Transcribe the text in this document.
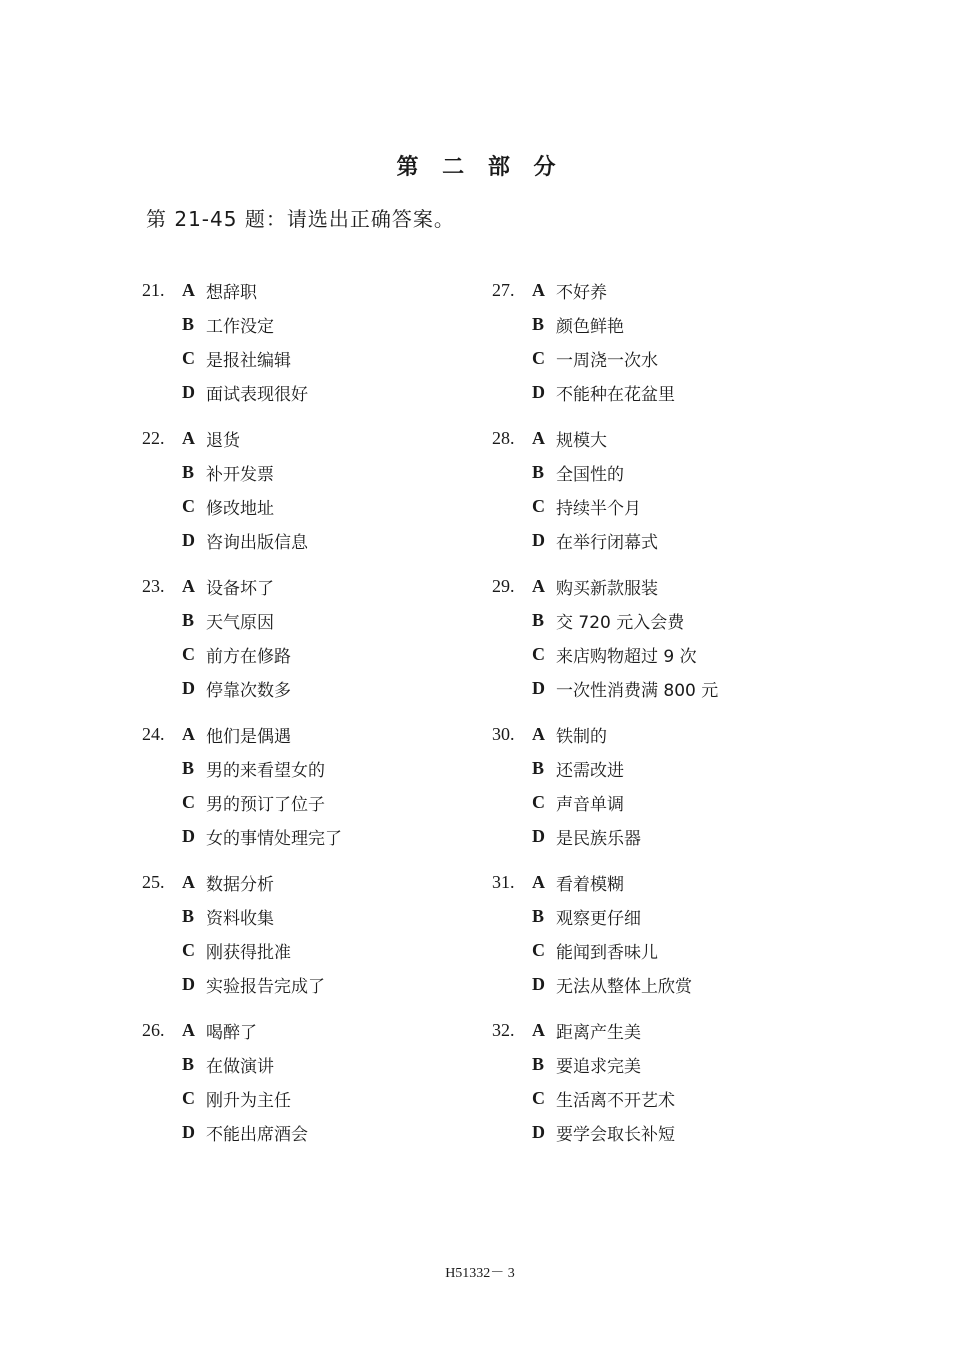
第 二 部 分
第 21-45 题：请选出正确答案。
21. A 想辞职
B 工作没定
C 是报社编辑
D 面试表现很好
22. A 退货
B 补开发票
C 修改地址
D 咨询出版信息
23. A 设备坏了
B 天气原因
C 前方在修路
D 停靠次数多
24. A 他们是偶遇
B 男的来看望女的
C 男的预订了位子
D 女的事情处理完了
25. A 数据分析
B 资料收集
C 刚获得批准
D 实验报告完成了
26. A 喝醉了
B 在做演讲
C 刚升为主任
D 不能出席酒会
27. A 不好养
B 颜色鲜艳
C 一周浇一次水
D 不能种在花盆里
28. A 规模大
B 全国性的
C 持续半个月
D 在举行闭幕式
29. A 购买新款服装
B 交 720 元入会费
C 来店购物超过 9 次
D 一次性消费满 800 元
30. A 铁制的
B 还需改进
C 声音单调
D 是民族乐器
31. A 看着模糊
B 观察更仔细
C 能闻到香味儿
D 无法从整体上欣赏
32. A 距离产生美
B 要追求完美
C 生活离不开艺术
D 要学会取长补短
H51332－ 3
